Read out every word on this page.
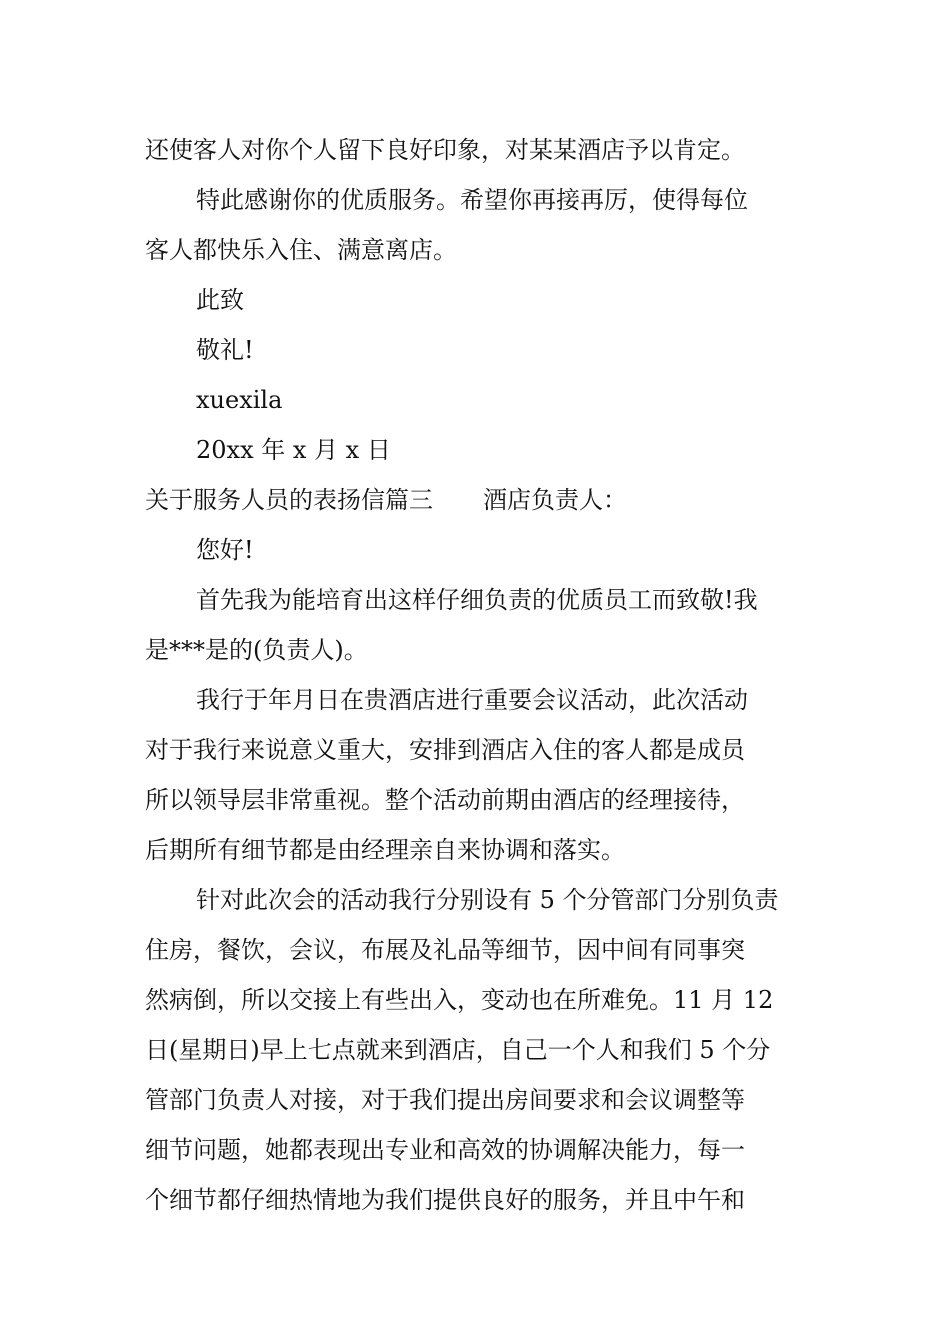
还使客人对你个人留下良好印象，对某某酒店予以肯定。
特此感谢你的优质服务。希望你再接再厉，使得每位
客人都快乐入住、满意离店。
此致
敬礼!
xuexila
20xx 年 x 月 x 日
关于服务人员的表扬信篇三 酒店负责人：
您好!
首先我为能培育出这样仔细负责的优质员工而致敬!我
是***是的(负责人)。
我行于年月日在贵酒店进行重要会议活动，此次活动
对于我行来说意义重大，安排到酒店入住的客人都是成员
所以领导层非常重视。整个活动前期由酒店的经理接待，
后期所有细节都是由经理亲自来协调和落实。
针对此次会的活动我行分别设有 5 个分管部门分别负责
住房，餐饮，会议，布展及礼品等细节，因中间有同事突
然病倒，所以交接上有些出入，变动也在所难免。11 月 12
日(星期日)早上七点就来到酒店，自己一个人和我们 5 个分
管部门负责人对接，对于我们提出房间要求和会议调整等
细节问题，她都表现出专业和高效的协调解决能力，每一
个细节都仔细热情地为我们提供良好的服务，并且中午和
